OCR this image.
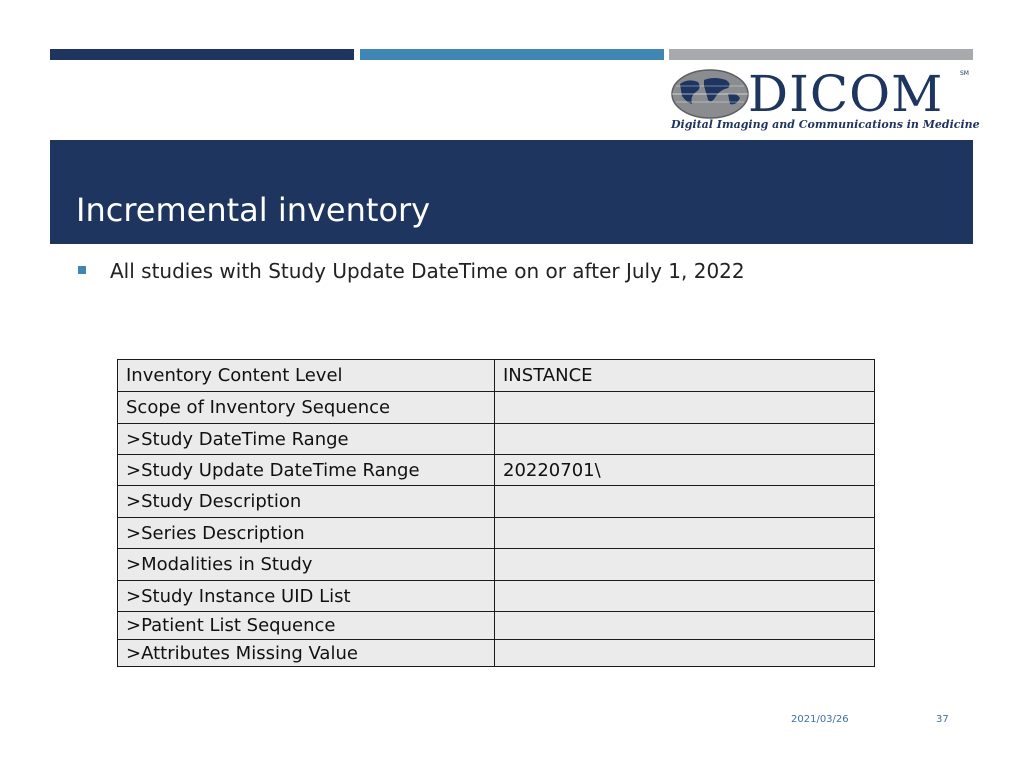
DICOM	SM
Digital Imaging and Communications in Medicine
Incremental inventory
All studies with Study Update DateTime on or after July 1, 2022
Inventory Content Level	INSTANCE
Scope of Inventory Sequence	
>Study DateTime Range	
>Study Update DateTime Range	20220701\
>Study Description	
>Series Description	
>Modalities in Study	
>Study Instance UID List	
>Patient List Sequence	
>Attributes Missing Value	
2021/03/26	37
